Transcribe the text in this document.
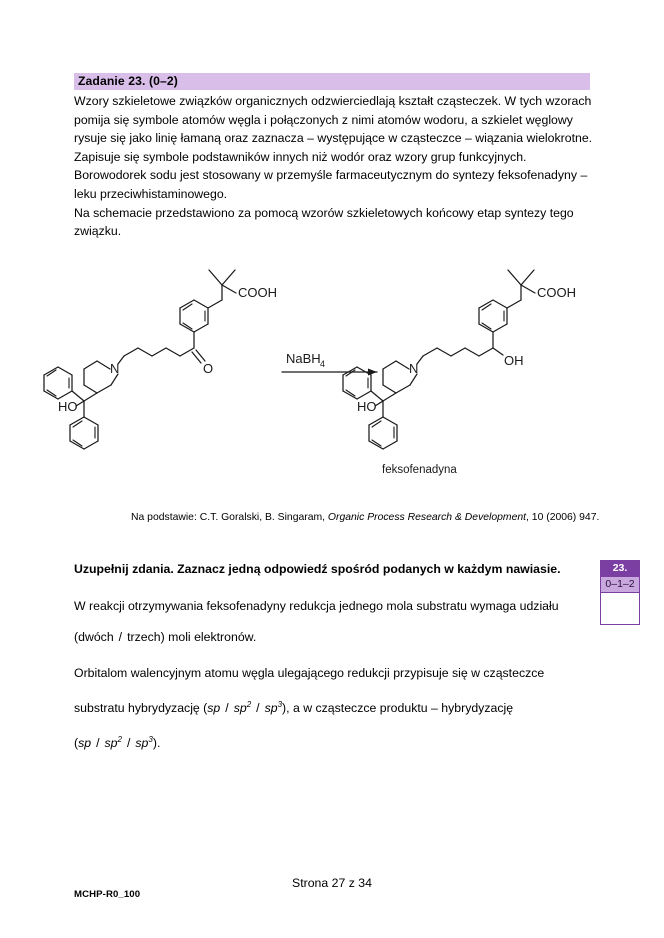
Zadanie 23. (0–2)

Wzory szkieletowe związków organicznych odzwierciedlają kształt cząsteczek. W tych wzorach pomija się symbole atomów węgla i połączonych z nimi atomów wodoru, a szkielet węglowy rysuje się jako linię łamaną oraz zaznacza – występujące w cząsteczce – wiązania wielokrotne. Zapisuje się symbole podstawników innych niż wodór oraz wzory grup funkcyjnych.

Borowodorek sodu jest stosowany w przemyśle farmaceutycznym do syntezy feksofenadyny – leku przeciwhistaminowego.

Na schemacie przedstawiono za pomocą wzorów szkieletowych końcowy etap syntezy tego związku.

COOH
O
N
HO
NaBH 4
COOH
OH
N
HO
feksofenadyna
Na podstawie: C.T. Goralski, B. Singaram, Organic Process Research & Development, 10 (2006) 947.
Uzupełnij zdania. Zaznacz jedną odpowiedź spośród podanych w każdym nawiasie.
W reakcji otrzymywania feksofenadyny redukcja jednego mola substratu wymaga udziału
(dwóch / trzech) moli elektronów.
Orbitalom walencyjnym atomu węgla ulegającego redukcji przypisuje się w cząsteczce
substratu hybrydyzację $(sp / sp^2 / sp^3)$, a w cząsteczce produktu – hybrydyzację
$(sp / sp^2 / sp^3)$.
23.
0–1–2
Strona 27 z 34
MCHP-R0_100
